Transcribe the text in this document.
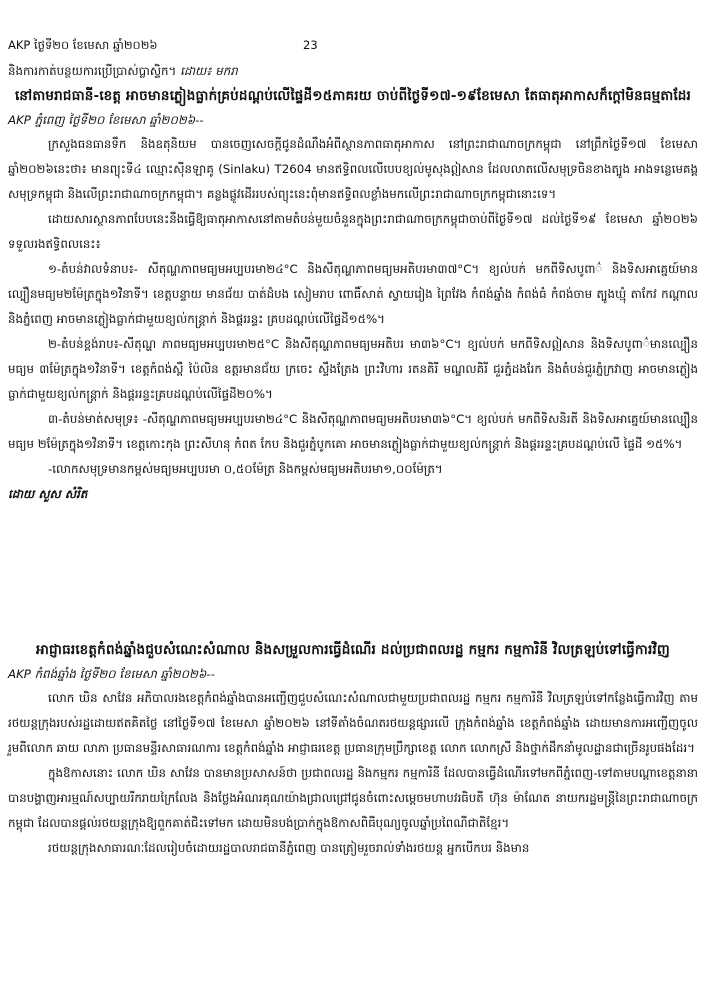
AKP ថ្ងៃទី២០ ខែមេសា ឆ្នាំ២០២៦	23

និងការកាត់បន្ថយការប្រើប្រាស់ប្លាស្ទិក។ ដោយ៖ មករា

នៅតាមរាជធានី-ខេត្ត អាចមានភ្លៀងធ្លាក់គ្រប់ដណ្តប់លើផ្ទៃដី១៥ភាគរយ ចាប់ពីថ្ងៃទី១៧-១៩ខែមេសា តែធាតុអាកាសក៏ក្តៅមិនធម្មតាដែរ

AKP ភ្នំពេញ ថ្ងៃទី២០ ខែមេសា ឆ្នាំ២០២៦--

ក្រសួងធនធានទឹក និងឧតុនិយម បានចេញសេចក្តីជូនដំណឹងអំពីស្ថានភាពធាតុអាកាស នៅព្រះរាជាណាចក្រកម្ពុជា នៅព្រឹកថ្ងៃទី១៧ ខែមេសា ឆ្នាំ២០២៦នេះថា៖ មានព្យុះទី៤ ឈ្មោះស៊ីនឡាគូ (Sinlaku) T2604 មានឥទ្ធិពលលើបេបខ្យល់មូសុងឦសាន ដែលលាតលើសមុទ្រចិនខាងត្បូង អាងទន្លេមេគង្គ សមុទ្រកម្ពុជា និងលើព្រះរាជាណាចក្រកម្ពុជា។ គន្លងផ្លូវដើររបស់ព្យុះនេះពុំមានឥទ្ធិពលខ្លាំងមកលើព្រះរាជាណាចក្រកម្ពុជានោះទេ។

ដោយសារស្ថានភាពបែបនេះនឹងធ្វើឱ្យធាតុអាកាសនៅតាមតំបន់មួយចំនួនក្នុងព្រះរាជាណាចក្រកម្ពុជាចាប់ពីថ្ងៃទី១៧ ដល់ថ្ងៃទី១៩ ខែមេសា ឆ្នាំ២០២៦ ទទួលរងឥទ្ធិពលនេះ៖

១-តំបន់វាលទំនាប៖- សីតុណ្ហភាពមធ្យមអប្បបរមា២៤°C និងសីតុណ្ហភាពមធ្យមអតិបរមា៣៧°C។ ខ្យល់បក់ មកពីទិសបូពា៌ និងទិសអាគ្នេយ៍មានល្បឿនមធ្យម២ម៉ែត្រក្នុង១វិនាទី។ ខេត្តបន្ទាយ មានជ័យ បាត់ដំបង សៀមរាប ពោធិ៍សាត់ ស្វាយរៀង ព្រៃវែង កំពង់ឆ្នាំង កំពង់ធំ កំពង់ចាម ត្បូងឃ្មុំ តាកែវ កណ្តាល និងភ្នំពេញ អាចមានភ្លៀងធ្លាក់ជាមួយខ្យល់កន្ត្រាក់ និងផ្គររន្ទះ គ្របដណ្តប់លើផ្ទៃដី១៥%។

២-តំបន់ខ្ពង់រាប៖-សីតុណ្ហ ភាពមធ្យមអប្បបរមា២៥°C និងសីតុណ្ហភាពមធ្យមអតិបរ មា៣៦°C។ ខ្យល់បក់ មកពីទិសឦសាន និងទិសបូពា៌មានល្បឿនមធ្យម ៣ម៉ែត្រក្នុង១វិនាទី។ ខេត្តកំពង់ស្ពឺ ប៉ៃលិន ឧត្តរមានជ័យ ក្រចេះ ស្ទឹងត្រែង ព្រះវិហារ រតនគិរី មណ្ឌលគិរី ជួរភ្នំដងរែក និងតំបន់ជួរភ្នំក្រវាញ អាចមានភ្លៀងធ្លាក់ជាមួយខ្យល់កន្ត្រាក់ និងផ្គររន្ទះគ្របដណ្តប់លើផ្ទៃដី២០%។

៣-តំបន់មាត់សមុទ្រ៖ -សីតុណ្ហភាពមធ្យមអប្បបរមា២៤°C និងសីតុណ្ហភាពមធ្យមអតិបរមា៣៦°C។ ខ្យល់បក់ មកពីទិសនិរតី និងទិសអាគ្នេយ៍មានល្បឿនមធ្យម ២ម៉ែត្រក្នុង១វិនាទី។ ខេត្តកោះកុង ព្រះសីហនុ កំពត កែប និងជួរភ្នំបូកគោ អាចមានភ្លៀងធ្លាក់ជាមួយខ្យល់កន្ត្រាក់ និងផ្គររន្ទះគ្របដណ្តប់លើ ផ្ទៃដី ១៥%។

-លោកសមុទ្រមានកម្ពស់មធ្យមអប្បបរមា ០,៥០ម៉ែត្រ និងកម្ពស់មធ្យមអតិបរមា១,០០ម៉ែត្រ។

ដោយ សួស សំរិត

អាជ្ញាធរខេត្តកំពង់ឆ្នាំងជួបសំណេះសំណាល និងសម្រួលការធ្វើដំណើរ ដល់ប្រជាពលរដ្ឋ កម្មករ កម្មការិនី វិលត្រឡប់ទៅធ្វើការវិញ

AKP កំពង់ឆ្នាំង ថ្ងៃទី២០ ខែមេសា ឆ្នាំ២០២៦--

លោក ឃិន សាវែន អភិបាលរងខេត្តកំពង់ឆ្នាំងបានអញ្ជើញជួបសំណេះសំណាលជាមួយប្រជាពលរដ្ឋ កម្មករ កម្មការិនី វិលត្រឡប់ទៅកន្លែងធ្វើការវិញ តាមរថយន្តក្រុងរបស់រដ្ឋដោយឥតគិតថ្លៃ នៅថ្ងៃទី១៧ ខែមេសា ឆ្នាំ២០២៦ នៅទីតាំងចំណតរថយន្តផ្សារលើ ក្រុងកំពង់ឆ្នាំង ខេត្តកំពង់ឆ្នាំង ដោយមានការអញ្ជើញចូលរួមពីលោក ឆាយ លាភា ប្រធានមន្ទីរសាធារណការ ខេត្តកំពង់ឆ្នាំង អាជ្ញាធរខេត្ត ប្រធានក្រុមប្រឹក្សាខេត្ត លោក លោកស្រី និងថ្នាក់ដឹកនាំមូលដ្ឋានជាច្រើនរូបផងដែរ។

ក្នុងឱកាសនោះ លោក ឃិន សាវែន បានមានប្រសាសន៍ថា ប្រជាពលរដ្ឋ និងកម្មករ កម្មការិនី ដែលបានធ្វើដំណើរទៅមកពីភ្នំពេញ-ទៅតាមបណ្តាខេត្តនានាបានបង្ហាញអារម្មណ៍សប្បាយរីករាយក្រៃលែង និងថ្លែងអំណរគុណយ៉ាងជ្រាលជ្រៅជូនចំពោះសម្តេចមហាបវរធិបតី ហ៊ុន ម៉ាណែត នាយករដ្ឋមន្ត្រីនៃព្រះរាជាណាចក្រកម្ពុជា ដែលបានផ្តល់រថយន្តក្រុងឱ្យពួកគាត់ជិះទៅមក ដោយមិនបង់ប្រាក់ក្នុងឱកាសពិធីបុណ្យចូលឆ្នាំប្រពៃណីជាតិខ្មែរ។

រថយន្តក្រុងសាធារណៈដែលរៀបចំដោយរដ្ឋបាលរាជធានីភ្នំពេញ បានត្រៀមរួចរាល់ទាំងរថយន្ត អ្នកបើកបរ និងមាន
